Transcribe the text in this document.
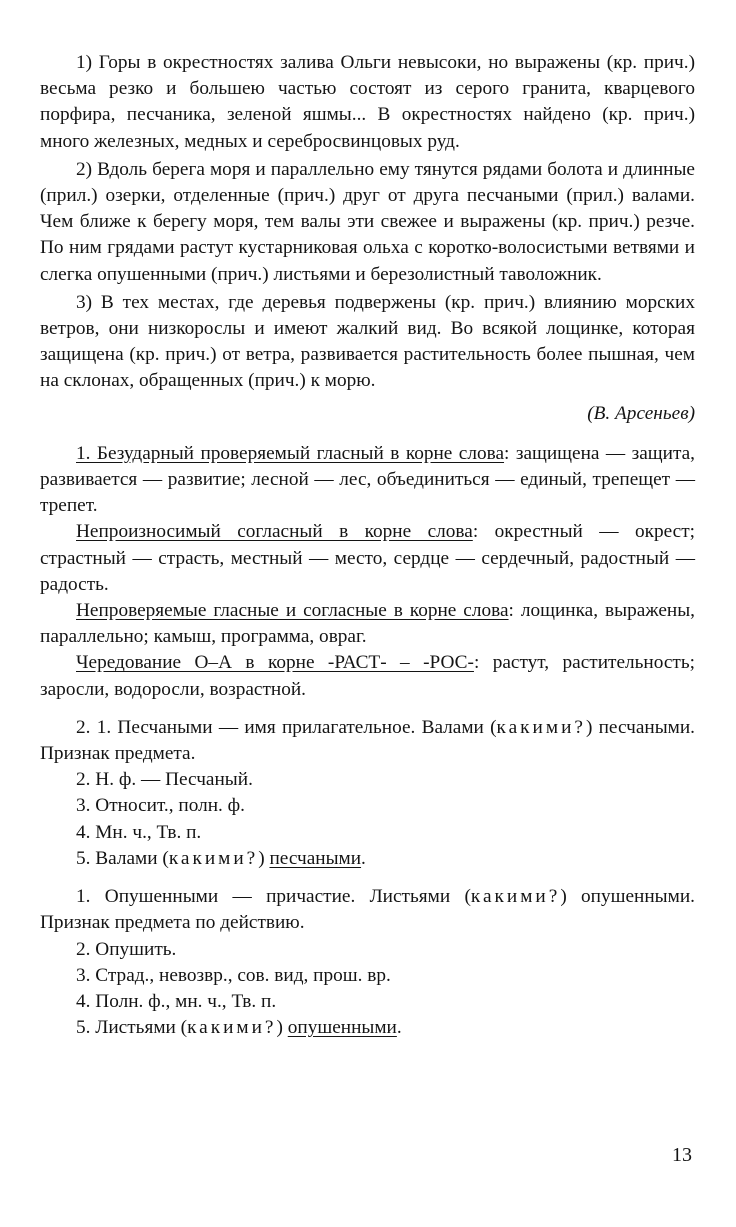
1) Горы в окрестностях залива Ольги невысоки, но выражены (кр. прич.) весьма резко и большею частью состоят из серого гранита, кварцевого порфира, песчаника, зеленой яшмы... В окрестностях найдено (кр. прич.) много железных, медных и серебросвинцовых руд.

2) Вдоль берега моря и параллельно ему тянутся рядами болота и длинные (прил.) озерки, отделенные (прич.) друг от друга песчаными (прил.) валами. Чем ближе к берегу моря, тем валы эти свежее и выражены (кр. прич.) резче. По ним грядами растут кустарниковая ольха с коротко-волосистыми ветвями и слегка опушенными (прич.) листьями и березолистный таволожник.

3) В тех местах, где деревья подвержены (кр. прич.) влиянию морских ветров, они низкорослы и имеют жалкий вид. Во всякой лощинке, которая защищена (кр. прич.) от ветра, развивается растительность более пышная, чем на склонах, обращенных (прич.) к морю.

(В. Арсеньев)

1. Безударный проверяемый гласный в корне слова: защищена — защита, развивается — развитие; лесной — лес, объединиться — единый, трепещет — трепет.

Непроизносимый согласный в корне слова: окрестный — окрест; страстный — страсть, местный — место, сердце — сердечный, радостный — радость.

Непроверяемые гласные и согласные в корне слова: лощинка, выражены, параллельно; камыш, программа, овраг.

Чередование О–А в корне -РАСТ- – -РОС-: растут, растительность; заросли, водоросли, возрастной.

2. 1. Песчаными — имя прилагательное. Валами (какими?) песчаными. Признак предмета.

2. Н. ф. — Песчаный.

3. Относит., полн. ф.

4. Мн. ч., Тв. п.

5. Валами (какими?) песчаными.

1. Опушенными — причастие. Листьями (какими?) опушенными. Признак предмета по действию.

2. Опушить.

3. Страд., невозвр., сов. вид, прош. вр.

4. Полн. ф., мн. ч., Тв. п.

5. Листьями (какими?) опушенными.

13
